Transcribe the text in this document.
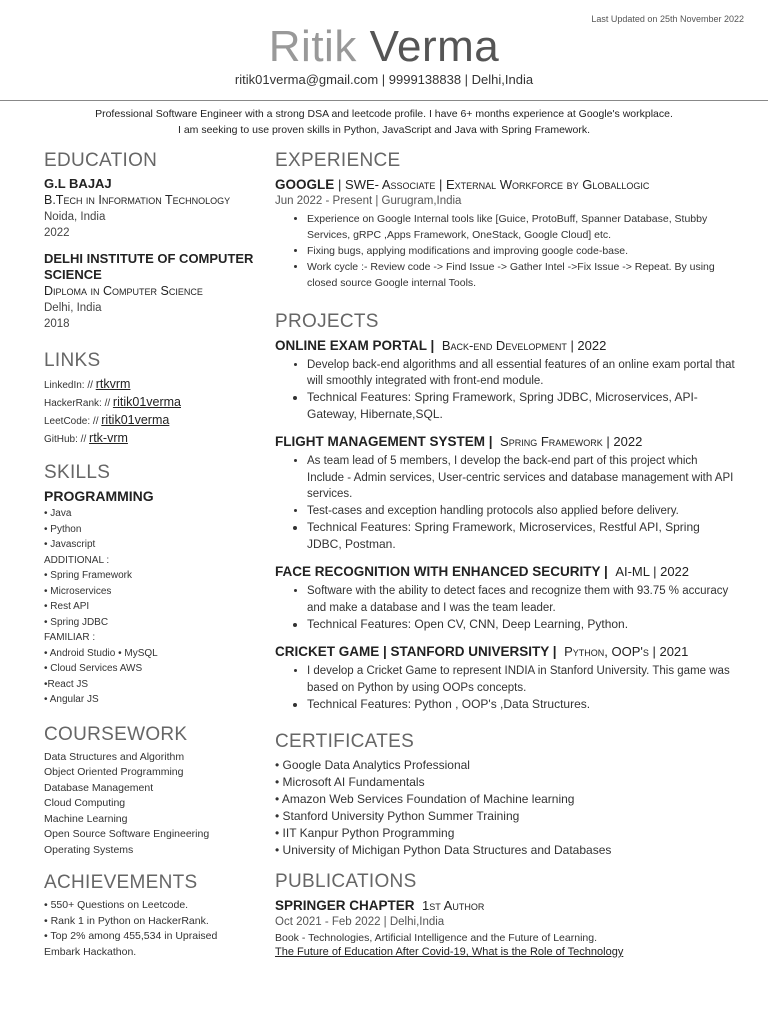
Last Updated on 25th November 2022
Ritik Verma
ritik01verma@gmail.com | 9999138838 | Delhi,India
Professional Software Engineer with a strong DSA and leetcode profile. I have 6+ months experience at Google's workplace.
I am seeking to use proven skills in Python, JavaScript and Java with Spring Framework.
EDUCATION
G.L BAJAJ
B.Tech in Information Technology
Noida, India
2022
DELHI INSTITUTE OF COMPUTER SCIENCE
Diploma in Computer Science
Delhi, India
2018
LINKS
LinkedIn: // rtkvrm
HackerRank: // ritik01verma
LeetCode: // ritik01verma
GitHub: // rtk-vrm
SKILLS
PROGRAMMING
• Java
• Python
• Javascript
ADDITIONAL :
• Spring Framework
• Microservices
• Rest API
• Spring JDBC
FAMILIAR :
• Android Studio • MySQL
• Cloud Services AWS
•React JS
• Angular JS
COURSEWORK
Data Structures and Algorithm
Object Oriented Programming
Database Management
Cloud Computing
Machine Learning
Open Source Software Engineering
Operating Systems
ACHIEVEMENTS
• 550+ Questions on Leetcode.
• Rank 1 in Python on HackerRank.
• Top 2% among 455,534 in Upraised Embark Hackathon.
EXPERIENCE
GOOGLE | SWE- Associate | External Workforce by Globallogic
Jun 2022 - Present | Gurugram,India
• Experience on Google Internal tools like [Guice, ProtoBuff, Spanner Database, Stubby Services, gRPC ,Apps Framework, OneStack, Google Cloud] etc.
• Fixing bugs, applying modifications and improving google code-base.
• Work cycle :- Review code -> Find Issue -> Gather Intel ->Fix Issue -> Repeat. By using closed source Google internal Tools.
PROJECTS
ONLINE EXAM PORTAL | Back-end Development | 2022
• Develop back-end algorithms and all essential features of an online exam portal that will smoothly integrated with front-end module.
• Technical Features: Spring Framework, Spring JDBC, Microservices, API-Gateway, Hibernate,SQL.
FLIGHT MANAGEMENT SYSTEM | Spring Framework | 2022
• As team lead of 5 members, I develop the back-end part of this project which Include - Admin services, User-centric services and database management with API services.
• Test-cases and exception handling protocols also applied before delivery.
• Technical Features: Spring Framework, Microservices, Restful API, Spring JDBC, Postman.
FACE RECOGNITION WITH ENHANCED SECURITY | AI-ML | 2022
• Software with the ability to detect faces and recognize them with 93.75 % accuracy and make a database and I was the team leader.
• Technical Features: Open CV, CNN, Deep Learning, Python.
CRICKET GAME | STANFORD UNIVERSITY | Python, OOP's | 2021
• I develop a Cricket Game to represent INDIA in Stanford University. This game was based on Python by using OOPs concepts.
• Technical Features: Python , OOP's ,Data Structures.
CERTIFICATES
• Google Data Analytics Professional
• Microsoft AI Fundamentals
• Amazon Web Services Foundation of Machine learning
• Stanford University Python Summer Training
• IIT Kanpur Python Programming
• University of Michigan Python Data Structures and Databases
PUBLICATIONS
SPRINGER CHAPTER 1st Author
Oct 2021 - Feb 2022 | Delhi,India
Book - Technologies, Artificial Intelligence and the Future of Learning.
The Future of Education After Covid-19, What is the Role of Technology
